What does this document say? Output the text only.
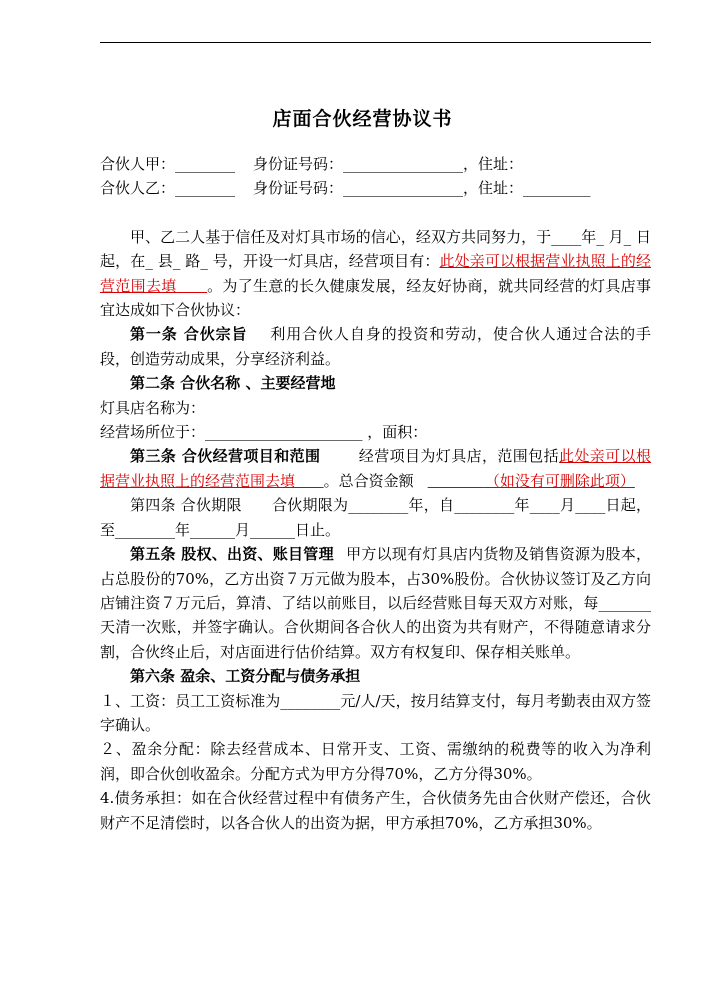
店面合伙经营协议书

合伙人甲：________ 身份证号码：________________，住址：

合伙人乙：________ 身份证号码：________________，住址：_________

甲、乙二人基于信任及对灯具市场的信心，经双方共同努力，于____年_ 月_ 日起，在_ 县_ 路_ 号，开设一灯具店，经营项目有：此处亲可以根据营业执照上的经营范围去填 。为了生意的长久健康发展，经友好协商，就共同经营的灯具店事宜达成如下合伙协议：

第一条 合伙宗旨 利用合伙人自身的投资和劳动，使合伙人通过合法的手段，创造劳动成果，分享经济利益。

第二条 合伙名称 、主要经营地

灯具店名称为：

经营场所位于：_____________________ ，面积：

第三条 合伙经营项目和范围	经营项目为灯具店，范围包括此处亲可以根据营业执照上的经营范围去填 。总合资金额	（如没有可删除此项）

第四条 合伙期限 合伙期限为________年，自________年____月____日起，至________年______月______日止。

第五条 股权、出资、账目管理 甲方以现有灯具店内货物及销售资源为股本，占总股份的70%，乙方出资７万元做为股本，占30%股份。合伙协议签订及乙方向店铺注资７万元后，算清、了结以前账目，以后经营账目每天双方对账，每_______天清一次账，并签字确认。合伙期间各合伙人的出资为共有财产，不得随意请求分割，合伙终止后，对店面进行估价结算。双方有权复印、保存相关账单。

第六条 盈余、工资分配与债务承担

１、工资：员工工资标准为________元/人/天，按月结算支付，每月考勤表由双方签字确认。

２、盈余分配：除去经营成本、日常开支、工资、需缴纳的税费等的收入为净利润，即合伙创收盈余。分配方式为甲方分得70%，乙方分得30%。

4.债务承担：如在合伙经营过程中有债务产生，合伙债务先由合伙财产偿还，合伙财产不足清偿时，以各合伙人的出资为据，甲方承担70%，乙方承担30%。
